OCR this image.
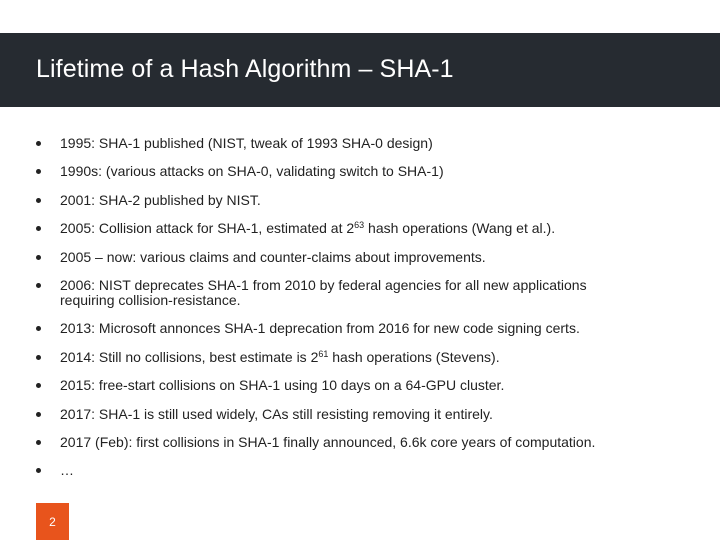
Lifetime of a Hash Algorithm – SHA-1
1995: SHA-1 published (NIST, tweak of 1993 SHA-0 design)
1990s: (various attacks on SHA-0, validating switch to SHA-1)
2001: SHA-2 published by NIST.
2005: Collision attack for SHA-1, estimated at $2^{63}$ hash operations (Wang et al.).
2005 – now: various claims and counter-claims about improvements.
2006: NIST deprecates SHA-1 from 2010 by federal agencies for all new applications
requiring collision-resistance.
2013: Microsoft annonces SHA-1 deprecation from 2016 for new code signing certs.
2014: Still no collisions, best estimate is $2^{61}$ hash operations (Stevens).
2015: free-start collisions on SHA-1 using 10 days on a 64-GPU cluster.
2017: SHA-1 is still used widely, CAs still resisting removing it entirely.
2017 (Feb): first collisions in SHA-1 finally announced, 6.6k core years of computation.
…
2
